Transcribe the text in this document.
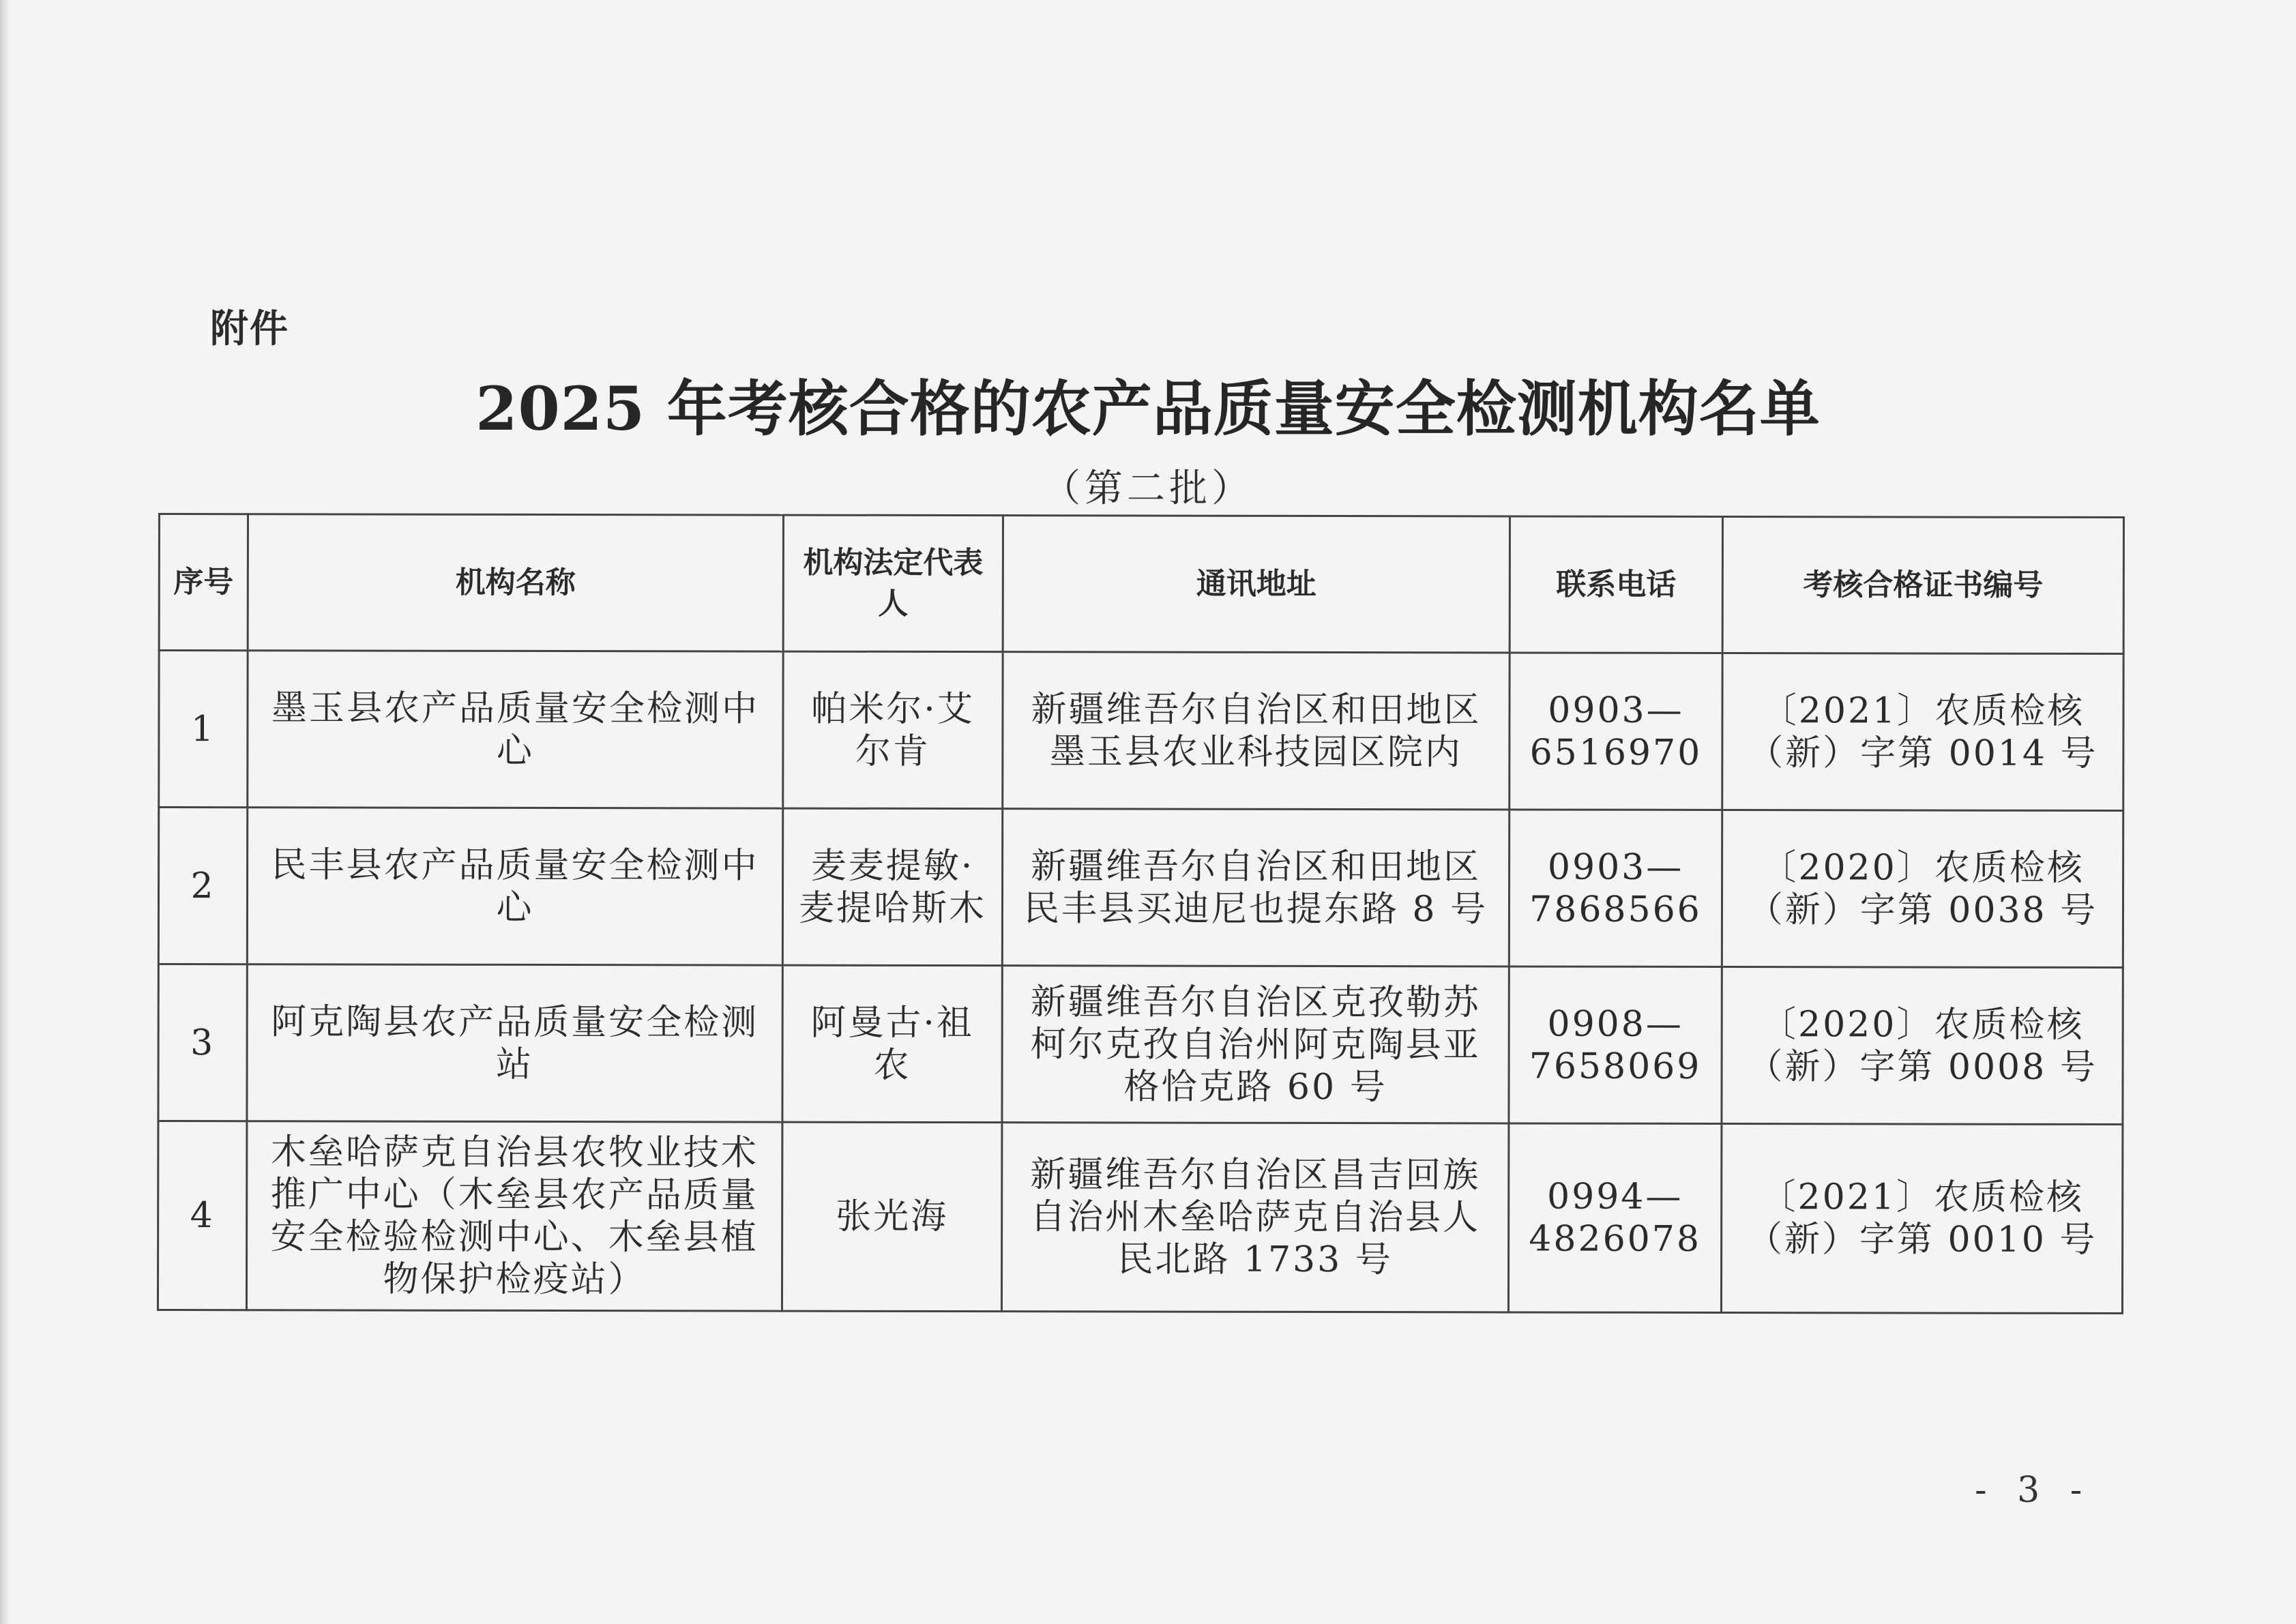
附件
2025 年考核合格的农产品质量安全检测机构名单
（第二批）
序号	机构名称	机构法定代表人	通讯地址	联系电话	考核合格证书编号
1	墨玉县农产品质量安全检测中心	帕米尔·艾尔肯	新疆维吾尔自治区和田地区墨玉县农业科技园区院内	0903—6516970	〔2021〕农质检核（新）字第 0014 号
2	民丰县农产品质量安全检测中心	麦麦提敏·麦提哈斯木	新疆维吾尔自治区和田地区民丰县买迪尼也提东路 8 号	0903—7868566	〔2020〕农质检核（新）字第 0038 号
3	阿克陶县农产品质量安全检测站	阿曼古·祖农	新疆维吾尔自治区克孜勒苏柯尔克孜自治州阿克陶县亚格恰克路 60 号	0908—7658069	〔2020〕农质检核（新）字第 0008 号
4	木垒哈萨克自治县农牧业技术推广中心（木垒县农产品质量安全检验检测中心、木垒县植物保护检疫站）	张光海	新疆维吾尔自治区昌吉回族自治州木垒哈萨克自治县人民北路 1733 号	0994—4826078	〔2021〕农质检核（新）字第 0010 号
- 3 -
